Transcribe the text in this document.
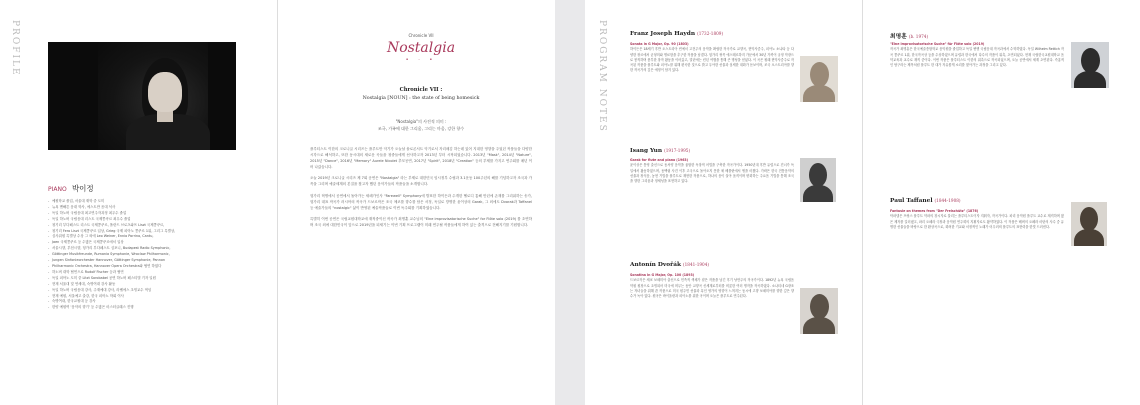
PROFILE
PIANO 박이정
- 예원학교 졸업, 서울대 재학 중 도미
- 뉴욕 맨해튼 음대 학사, 에스트만 음대 석사
- 독일 하노버 국립음대 최고연주자과정 최우수 졸업
- 독일 하노버 국립음대 리스트 국제콩쿠르 최우수 졸업
- 청기리 부다페스트 리스트 국제콩쿠르, 폴란드 브로츠와프 Liszt 국제콩쿠르,
- 청기리 Fero Liszt 국제콩쿠르 입상, Grieg 국제 피아노 콩쿠르 1위, 그리그 특별상,
- 심사위원 특별상 수상 그 외에 Leo Weiner, Ennio Porrino, Cantu,
- Jaen 국제콩쿠르 등 수많은 국제콩쿠르에서 입상
- 서울시향, 부천시향, 헝가리 부다페스트 심포니, Budapest Radio Symphonic,
- Göttinger Musikfreunde, Rumania Symphonie, Wroclaw Philharmonic,
- Jungen Sinfonieorchester Hannover, Göttinger Symphonie, Pannon
- Philharmonic Orchestra, Hannover Opera Orchestra와 협연 하였다
- 하노버 대학 협연으로 Rudolf Fischer 등과 협연
- 독일 피아노 도미 중 Litzt Sorobabel 공연 하노버 페스티벌 기자 일원
- 현재 서울대 및 연세대, 숙명여대 강사 활동
- 독일 하노버 국립음대 강사, 주재예대 강사, 라벨에스 초빙교수 역임
- 현재 예원, 서울예고 출강, 한국 피아노 학회 이사
- 숙명여대, 한국교원대 등 강사
- 한양 예원여 '음악의 향기' 등 수많은 마스터클래스 진행
Chronicle VII
Nostalgia
• · •
Chronicle VII :
Nostalgia [NOUN] : the state of being homesick
"Nostalgia"의 사전적 의미 :
조국, 가족에 대한 그리움, 그리는 마음, 강한 향수

플루티스트 이한의 크로니클 시리즈는 플루트만 악기가 오늘날 솔로콘서트 악기로서 자리매김 하는데 있어 지대한 영향을 주었던 작품들을 다양한 시각으로 해석하고, 또한 동시대의 새로운 곡들을 청중들에게 선사하고자 2013년 부터 시작되었습니다. 2013년 "Mask", 2014년 "Nature", 2015년 "Dance", 2016년 "Memory" Aurele Nicolet 추모공연, 2017년 "Spirit", 2018년 "Creation" 등의 부제를 가지고 연주회를 매년 이어 나갔습니다.

오늘 2019년 크로니클 시리즈 제 7회 공연은 "Nostalgia" 라는 부제로 대한민국 임시정부 수립과 3.1운동 100주년의 해를 기념하고자 조국과 가족을 그리며 예술세계의 본질을 찾고자 했던 음악가들의 작품들을 소개합니다.

헝가리 혁명에서 공연에서 돌아가는 세헤가인사 "Farewell" Symphony에 발표한 하이든과 수개한 헬로디 통해 만년에 존재를 그리워하는 송가, 헝가리 대표 작곡가 러시아의 작곡가 드보르작은 조국 체코를 향수를 담은 서정, 독일로 망명한 윤이상의 Garak, 그 외에도 Dvorak과 Taffanel 등 예술가들의 "nostalgic" 삶이 반영된 예술작품들로 이번 독주회를 기획하였습니다.

특별히 이번 공연은 국립교원대학교에 재직중이신 작곡가 최명훈 교수님의 "Eine improvisatorische Suche" for Flöte solo (2019) 를 초연하며 조국 외에 대한민국이 앞으로 2019년을 되새기는 이번 기획 프로그램이 미래 연주될 작품들에게 하여 있는 출격으로 전해지기를 기원합니다.

PROGRAM NOTES	Franz Joseph Haydn (1732-1809)
Sonata in G Major, Op. 90 (1803)
하이든은 18세기 후반 오스트리아 빈에서 고전주의 음악을 확립한 작곡가로 교향곡, 현악사중주, 피아노 소나타 등 다양한 장르에서 균형미와 명료함을 추구한 작품을 남겼다. 헝가리 귀족 에스테르하지 가문에서 30년 가까이 궁정 악장으로 봉직하며 풍부한 창작 활동을 이어갔고, 말년에는 런던 여행을 통해 큰 명성을 얻었다. 이 곡은 원래 현악사중주로 작곡된 작품을 플루트와 피아노를 위해 편곡한 것으로 밝고 우아한 선율과 섬세한 대화가 돋보이며, 조국 오스트리아를 향한 작곡가의 깊은 애정이 담겨 있다.
Isang Yun (1917-1995)
Garak for flute and piano (1963)
윤이상은 통영 출신으로 동서양 음악을 융합한 독창적 어법을 구축한 작곡가이다. 1950년대 후반 유럽으로 건너가 독일에서 활동하였으며, 동백림 사건 이후 고국으로 돌아오지 못한 채 베를린에서 생을 마쳤다. 가락은 한국 전통음악의 선율과 장식음, 농현 기법을 플루트로 재현한 작품으로, 하나의 음이 살아 움직이며 변화하는 주요음 기법을 통해 조국을 향한 그리움과 정체성을 표현하고 있다.
Antonín Dvořák (1841-1904)
Sonatina in G Major, Op. 100 (1893)
드보르작은 체코 보헤미아 출신으로 민족적 색채가 짙은 작품을 남긴 후기 낭만주의 작곡가이다. 1892년 뉴욕 국립음악원 원장으로 초빙되어 미국에 머무는 동안 교향곡 신세계로부터를 비롯한 여러 명작을 작곡하였다. 소나티네 G장조는 자녀들을 위해 쓴 작품으로 미국 원주민 선율과 흑인 영가의 영향이 느껴지는 동시에 고향 보헤미아를 향한 깊은 향수가 녹아 있다. 원곡은 바이올린과 피아노를 위한 곡이며 오늘은 플루트로 연주된다.
최명훈 (b. 1974)
"Eine improvisatorische Suche" für Flöte solo (2019)
작곡가 최명훈은 한국예술종합학교 음악원을 졸업하고 독일 뮌헨 국립음대 작곡과에서 수학하였다. 독일 Wilhelm Rettich 작곡 콩쿠르 1위, 한국작곡상 등을 수상하였으며 유럽과 한국에서 다수의 작품이 위촉, 초연되었다. 현재 국립한국교원대학교 음악교육과 교수로 재직 중이다. 이번 작품은 플루티스트 이한의 위촉으로 작곡되었으며, 오늘 공연에서 세계 초연된다. 즉흥적인 탐구라는 제목처럼 플루트 한 대가 자유롭게 소리를 찾아가는 과정을 그리고 있다.
Paul Taffanel (1844-1908)
Fantasie on themes from "Der Freischütz" (1876)
탁파넬은 프랑스 플루트 악파의 창시자로 불리는 플루티스트이자 지휘자, 작곡가이다. 파리 음악원 플루트 교수로 재직하며 많은 제자를 길러냈고, 파리 오페라 극장과 음악원 연주회의 지휘자로도 활약하였다. 이 작품은 베버의 오페라 마탄의 사수 중 유명한 선율들을 바탕으로 한 환상곡으로, 화려한 기교와 서정적인 노래가 어우러져 플루트의 표현력을 한껏 드러낸다.
